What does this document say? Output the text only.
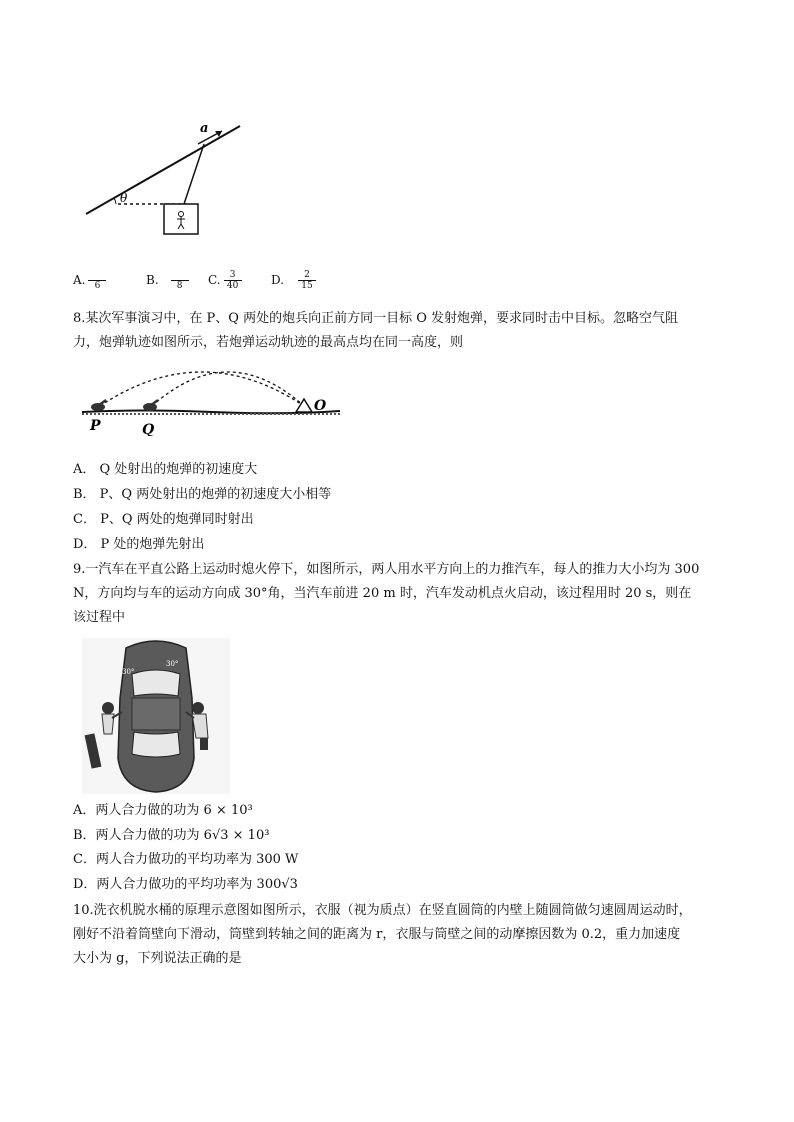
a
θ
A.	6	B.	8	C. $\frac{3}{40} D$. $\frac{2}{15}$
8.某次军事演习中，在 P、Q 两处的炮兵向正前方同一目标 O 发射炮弹，要求同时击中目标。忽略空气阻
力，炮弹轨迹如图所示，若炮弹运动轨迹的最高点均在同一高度，则
P	Q
O
A． Q 处射出的炮弹的初速度大
B． P、Q 两处射出的炮弹的初速度大小相等
C． P、Q 两处的炮弹同时射出
D． P 处的炮弹先射出
9.一汽车在平直公路上运动时熄火停下，如图所示，两人用水平方向上的力推汽车，每人的推力大小均为 300
N，方向均与车的运动方向成 30°角，当汽车前进 20 m 时，汽车发动机点火启动，该过程用时 20 s，则在
该过程中
30°
30°
A．两人合力做的功为 6 × 10³
B．两人合力做的功为 6√3 × 10³
C．两人合力做功的平均功率为 300 W
D．两人合力做功的平均功率为 300√3
10.洗衣机脱水桶的原理示意图如图所示，衣服（视为质点）在竖直圆筒的内壁上随圆筒做匀速圆周运动时，
刚好不沿着筒壁向下滑动，筒壁到转轴之间的距离为 r，衣服与筒壁之间的动摩擦因数为 0.2，重力加速度
大小为 g，下列说法正确的是
